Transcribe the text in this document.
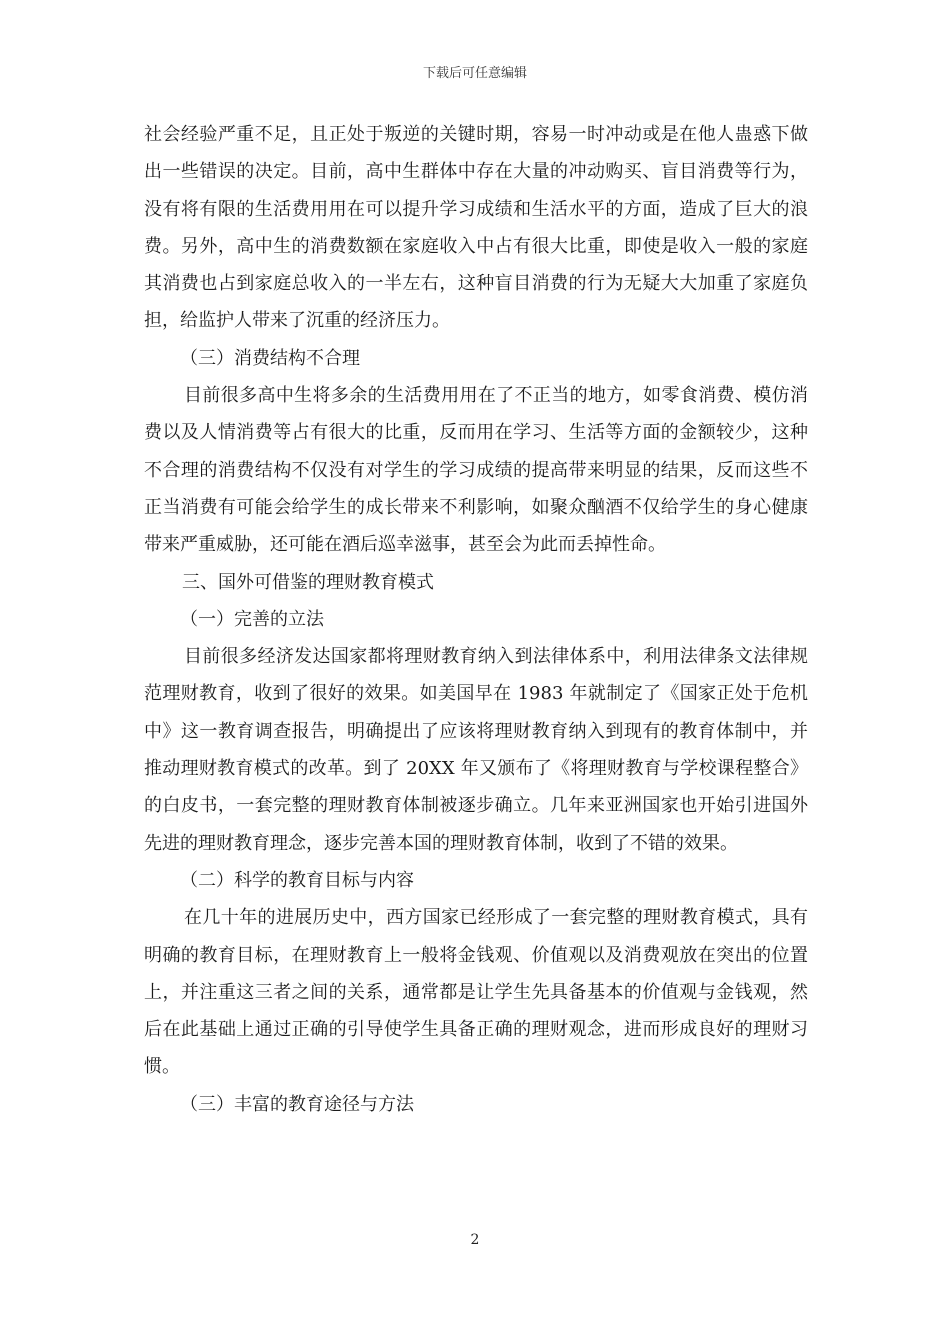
下载后可任意编辑

社会经验严重不足，且正处于叛逆的关键时期，容易一时冲动或是在他人蛊惑下做出一些错误的决定。目前，高中生群体中存在大量的冲动购买、盲目消费等行为，没有将有限的生活费用用在可以提升学习成绩和生活水平的方面，造成了巨大的浪费。另外，高中生的消费数额在家庭收入中占有很大比重，即使是收入一般的家庭其消费也占到家庭总收入的一半左右，这种盲目消费的行为无疑大大加重了家庭负担，给监护人带来了沉重的经济压力。

（三）消费结构不合理

目前很多高中生将多余的生活费用用在了不正当的地方，如零食消费、模仿消费以及人情消费等占有很大的比重，反而用在学习、生活等方面的金额较少，这种不合理的消费结构不仅没有对学生的学习成绩的提高带来明显的结果，反而这些不正当消费有可能会给学生的成长带来不利影响，如聚众酗酒不仅给学生的身心健康带来严重威胁，还可能在酒后巡幸滋事，甚至会为此而丢掉性命。

三、国外可借鉴的理财教育模式

（一）完善的立法

目前很多经济发达国家都将理财教育纳入到法律体系中，利用法律条文法律规范理财教育，收到了很好的效果。如美国早在 1983 年就制定了《国家正处于危机中》这一教育调查报告，明确提出了应该将理财教育纳入到现有的教育体制中，并推动理财教育模式的改革。到了 20XX 年又颁布了《将理财教育与学校课程整合》的白皮书，一套完整的理财教育体制被逐步确立。几年来亚洲国家也开始引进国外先进的理财教育理念，逐步完善本国的理财教育体制，收到了不错的效果。

（二）科学的教育目标与内容

在几十年的进展历史中，西方国家已经形成了一套完整的理财教育模式，具有明确的教育目标，在理财教育上一般将金钱观、价值观以及消费观放在突出的位置上，并注重这三者之间的关系，通常都是让学生先具备基本的价值观与金钱观，然后在此基础上通过正确的引导使学生具备正确的理财观念，进而形成良好的理财习惯。

（三）丰富的教育途径与方法

2
